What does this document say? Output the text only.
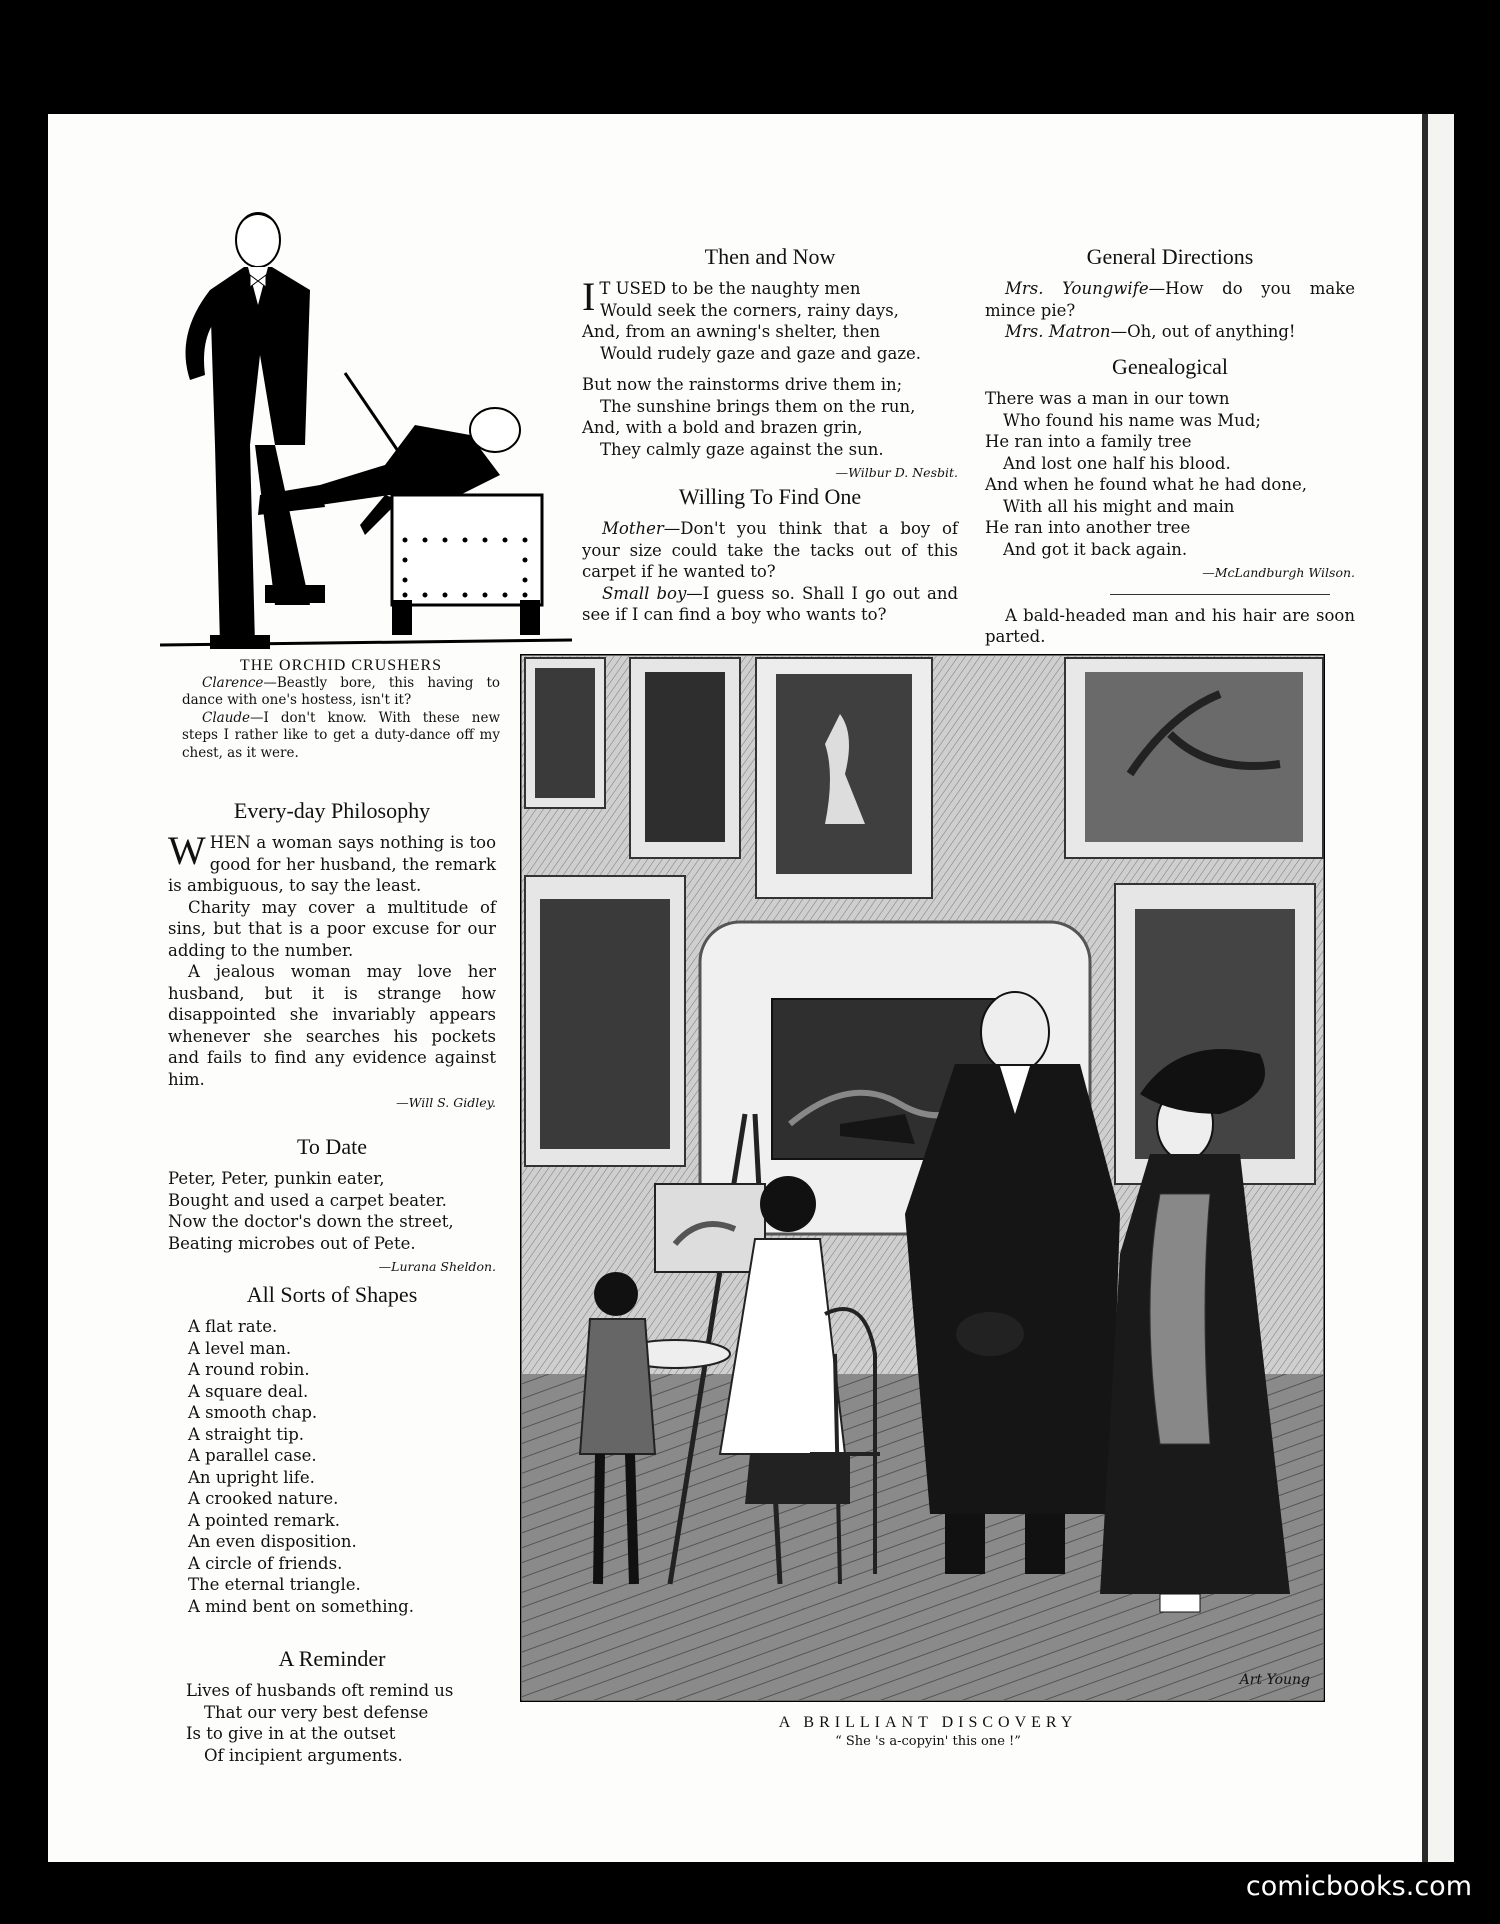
THE ORCHID CRUSHERS

Clarence—Beastly bore, this having to dance with one's hostess, isn't it?

Claude—I don't know. With these new steps I rather like to get a duty-dance off my chest, as it were.

Then and Now

I T USED to be the naughty men

Would seek the corners, rainy days,

And, from an awning's shelter, then

Would rudely gaze and gaze and gaze.

But now the rainstorms drive them in;

The sunshine brings them on the run,

And, with a bold and brazen grin,

They calmly gaze against the sun.

—Wilbur D. Nesbit.
Willing To Find One

Mother—Don't you think that a boy of your size could take the tacks out of this carpet if he wanted to?

Small boy—I guess so. Shall I go out and see if I can find a boy who wants to?

General Directions

Mrs. Youngwife—How do you make mince pie?

Mrs. Matron—Oh, out of anything!

Genealogical

There was a man in our town

Who found his name was Mud;

He ran into a family tree

And lost one half his blood.

And when he found what he had done,

With all his might and main

He ran into another tree

And got it back again.

—McLandburgh Wilson.

A bald-headed man and his hair are soon parted.

Every-day Philosophy

WHEN a woman says nothing is too good for her husband, the remark is ambiguous, to say the least.

Charity may cover a multitude of sins, but that is a poor excuse for our adding to the number.

A jealous woman may love her husband, but it is strange how disappointed she invariably appears whenever she searches his pockets and fails to find any evidence against him.

—Will S. Gidley.
To Date

Peter, Peter, punkin eater,

Bought and used a carpet beater.

Now the doctor's down the street,

Beating microbes out of Pete.

—Lurana Sheldon.
All Sorts of Shapes

A flat rate.

A level man.

A round robin.

A square deal.

A smooth chap.

A straight tip.

A parallel case.

An upright life.

A crooked nature.

A pointed remark.

An even disposition.

A circle of friends.

The eternal triangle.

A mind bent on something.

A Reminder

Lives of husbands oft remind us

That our very best defense

Is to give in at the outset

Of incipient arguments.

Art Young
A BRILLIANT DISCOVERY
“ She 's a-copyin' this one !”
comicbooks.com
